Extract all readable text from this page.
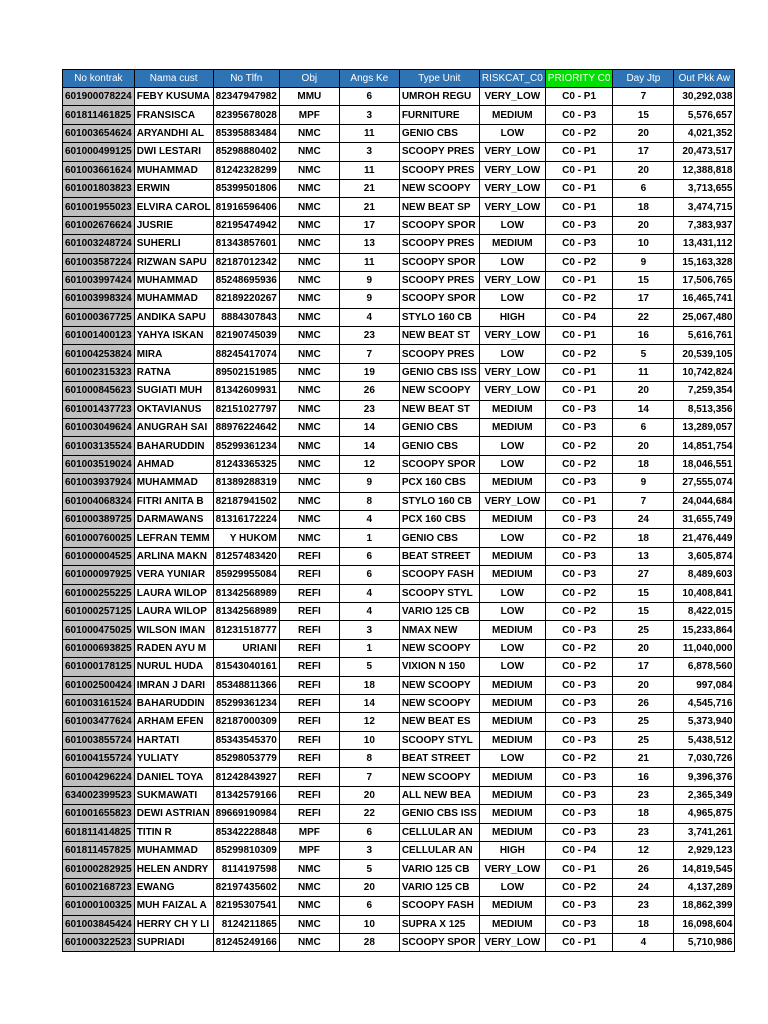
No kontrak	Nama cust	No Tlfn	Obj	Angs Ke	Type Unit	RISKCAT_C0	PRIORITY C0	Day Jtp	Out Pkk Aw
601900078224	FEBY KUSUMA	82347947982	MMU	6	UMROH REGU	VERY_LOW	C0 - P1	7	30,292,038
601811461825	FRANSISCA	82395678028	MPF	3	FURNITURE	MEDIUM	C0 - P3	15	5,576,657
601003654624	ARYANDHI AL	85395883484	NMC	11	GENIO CBS	LOW	C0 - P2	20	4,021,352
601000499125	DWI LESTARI	85298880402	NMC	3	SCOOPY PRES	VERY_LOW	C0 - P1	17	20,473,517
601003661624	MUHAMMAD	81242328299	NMC	11	SCOOPY PRES	VERY_LOW	C0 - P1	20	12,388,818
601001803823	ERWIN	85399501806	NMC	21	NEW SCOOPY	VERY_LOW	C0 - P1	6	3,713,655
601001955023	ELVIRA CAROL	81916596406	NMC	21	NEW BEAT SP	VERY_LOW	C0 - P1	18	3,474,715
601002676624	JUSRIE	82195474942	NMC	17	SCOOPY SPOR	LOW	C0 - P3	20	7,383,937
601003248724	SUHERLI	81343857601	NMC	13	SCOOPY PRES	MEDIUM	C0 - P3	10	13,431,112
601003587224	RIZWAN SAPU	82187012342	NMC	11	SCOOPY SPOR	LOW	C0 - P2	9	15,163,328
601003997424	MUHAMMAD	85248695936	NMC	9	SCOOPY PRES	VERY_LOW	C0 - P1	15	17,506,765
601003998324	MUHAMMAD	82189220267	NMC	9	SCOOPY SPOR	LOW	C0 - P2	17	16,465,741
601000367725	ANDIKA SAPU	8884307843	NMC	4	STYLO 160 CB	HIGH	C0 - P4	22	25,067,480
601001400123	YAHYA ISKAN	82190745039	NMC	23	NEW BEAT ST	VERY_LOW	C0 - P1	16	5,616,761
601004253824	MIRA	88245417074	NMC	7	SCOOPY PRES	LOW	C0 - P2	5	20,539,105
601002315323	RATNA	89502151985	NMC	19	GENIO CBS ISS	VERY_LOW	C0 - P1	11	10,742,824
601000845623	SUGIATI MUH	81342609931	NMC	26	NEW SCOOPY	VERY_LOW	C0 - P1	20	7,259,354
601001437723	OKTAVIANUS	82151027797	NMC	23	NEW BEAT ST	MEDIUM	C0 - P3	14	8,513,356
601003049624	ANUGRAH SAI	88976224642	NMC	14	GENIO CBS	MEDIUM	C0 - P3	6	13,289,057
601003135524	BAHARUDDIN	85299361234	NMC	14	GENIO CBS	LOW	C0 - P2	20	14,851,754
601003519024	AHMAD	81243365325	NMC	12	SCOOPY SPOR	LOW	C0 - P2	18	18,046,551
601003937924	MUHAMMAD	81389288319	NMC	9	PCX 160 CBS	MEDIUM	C0 - P3	9	27,555,074
601004068324	FITRI ANITA B	82187941502	NMC	8	STYLO 160 CB	VERY_LOW	C0 - P1	7	24,044,684
601000389725	DARMAWANS	81316172224	NMC	4	PCX 160 CBS	MEDIUM	C0 - P3	24	31,655,749
601000760025	LEFRAN TEMM	Y HUKOM	NMC	1	GENIO CBS	LOW	C0 - P2	18	21,476,449
601000004525	ARLINA MAKN	81257483420	REFI	6	BEAT STREET	MEDIUM	C0 - P3	13	3,605,874
601000097925	VERA YUNIAR	85929955084	REFI	6	SCOOPY FASH	MEDIUM	C0 - P3	27	8,489,603
601000255225	LAURA WILOP	81342568989	REFI	4	SCOOPY STYL	LOW	C0 - P2	15	10,408,841
601000257125	LAURA WILOP	81342568989	REFI	4	VARIO 125 CB	LOW	C0 - P2	15	8,422,015
601000475025	WILSON IMAN	81231518777	REFI	3	NMAX NEW	MEDIUM	C0 - P3	25	15,233,864
601000693825	RADEN AYU M	URIANI	REFI	1	NEW SCOOPY	LOW	C0 - P2	20	11,040,000
601000178125	NURUL HUDA	81543040161	REFI	5	VIXION N 150	LOW	C0 - P2	17	6,878,560
601002500424	IMRAN J DARI	85348811366	REFI	18	NEW SCOOPY	MEDIUM	C0 - P3	20	997,084
601003161524	BAHARUDDIN	85299361234	REFI	14	NEW SCOOPY	MEDIUM	C0 - P3	26	4,545,716
601003477624	ARHAM EFEN	82187000309	REFI	12	NEW BEAT ES	MEDIUM	C0 - P3	25	5,373,940
601003855724	HARTATI	85343545370	REFI	10	SCOOPY STYL	MEDIUM	C0 - P3	25	5,438,512
601004155724	YULIATY	85298053779	REFI	8	BEAT STREET	LOW	C0 - P2	21	7,030,726
601004296224	DANIEL TOYA	81242843927	REFI	7	NEW SCOOPY	MEDIUM	C0 - P3	16	9,396,376
634002399523	SUKMAWATI	81342579166	REFI	20	ALL NEW BEA	MEDIUM	C0 - P3	23	2,365,349
601001655823	DEWI ASTRIAN	89669190984	REFI	22	GENIO CBS ISS	MEDIUM	C0 - P3	18	4,965,875
601811414825	TITIN R	85342228848	MPF	6	CELLULAR AN	MEDIUM	C0 - P3	23	3,741,261
601811457825	MUHAMMAD	85299810309	MPF	3	CELLULAR AN	HIGH	C0 - P4	12	2,929,123
601000282925	HELEN ANDRY	8114197598	NMC	5	VARIO 125 CB	VERY_LOW	C0 - P1	26	14,819,545
601002168723	EWANG	82197435602	NMC	20	VARIO 125 CB	LOW	C0 - P2	24	4,137,289
601000100325	MUH FAIZAL A	82195307541	NMC	6	SCOOPY FASH	MEDIUM	C0 - P3	23	18,862,399
601003845424	HERRY CH Y LI	8124211865	NMC	10	SUPRA X 125	MEDIUM	C0 - P3	18	16,098,604
601000322523	SUPRIADI	81245249166	NMC	28	SCOOPY SPOR	VERY_LOW	C0 - P1	4	5,710,986
